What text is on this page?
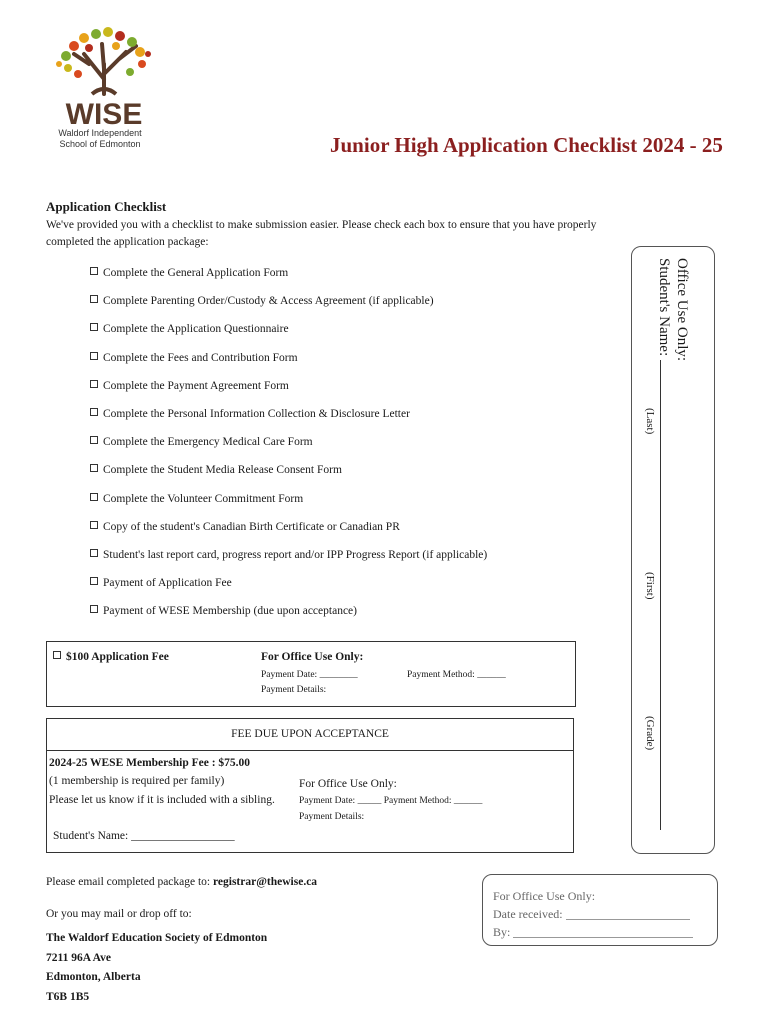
WISE
Waldorf Independent
School of Edmonton	Junior High Application Checklist 2024 - 25
Application Checklist
We've provided you with a checklist to make submission easier. Please check each box to ensure that you have properly completed the application package:
Complete the General Application Form
Complete Parenting Order/Custody & Access Agreement (if applicable)
Complete the Application Questionnaire
Complete the Fees and Contribution Form
Complete the Payment Agreement Form
Complete the Personal Information Collection & Disclosure Letter
Complete the Emergency Medical Care Form
Complete the Student Media Release Consent Form
Complete the Volunteer Commitment Form
Copy of the student's Canadian Birth Certificate or Canadian PR
Student's last report card, progress report and/or IPP Progress Report (if applicable)
Payment of Application Fee
Payment of WESE Membership (due upon acceptance)
Office Use Only:
Student's Name:
(Last)
(First)
(Grade)
$100 Application Fee	For Office Use Only:
Payment Date: ________	Payment Method: ______
Payment Details:
FEE DUE UPON ACCEPTANCE
2024-25 WESE Membership Fee : $75.00
(1 membership is required per family)
Please let us know if it is included with a sibling.
Student's Name: __________________
For Office Use Only:
Payment Date: _____ Payment Method: ______
Payment Details:
Please email completed package to: registrar@thewise.ca
Or you may mail or drop off to:
The Waldorf Education Society of Edmonton
7211 96A Ave
Edmonton, Alberta
T6B 1B5
For Office Use Only:
Date received:
By:
